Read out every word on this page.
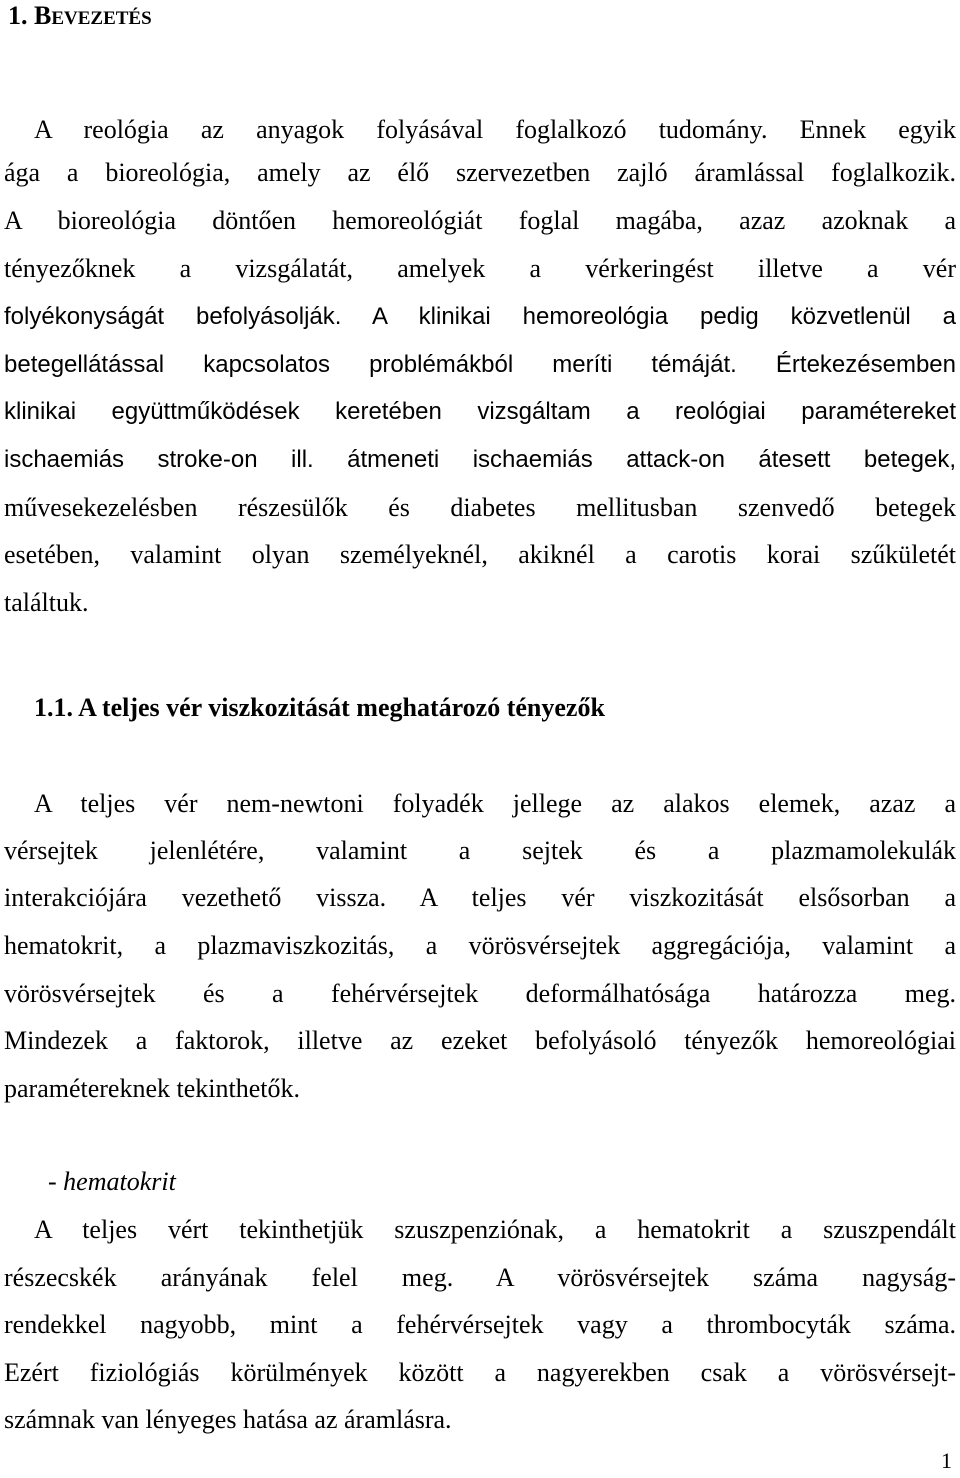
1. BEVEZETÉS
A reológia az anyagok folyásával foglalkozó tudomány. Ennek egyik
ága a bioreológia, amely az élő szervezetben zajló áramlással foglalkozik.
A bioreológia döntően hemoreológiát foglal magába, azaz azoknak a
tényezőknek a vizsgálatát, amelyek a vérkeringést illetve a vér
folyékonyságát befolyásolják. A klinikai hemoreológia pedig közvetlenül a
betegellátással kapcsolatos problémákból meríti témáját. Értekezésemben
klinikai együttműködések keretében vizsgáltam a reológiai paramétereket
ischaemiás stroke-on ill. átmeneti ischaemiás attack-on átesett betegek,
művesekezelésben részesülők és diabetes mellitusban szenvedő betegek
esetében, valamint olyan személyeknél, akiknél a carotis korai szűkületét
találtuk.
1.1. A teljes vér viszkozitását meghatározó tényezők
A teljes vér nem-newtoni folyadék jellege az alakos elemek, azaz a
vérsejtek jelenlétére, valamint a sejtek és a plazmamolekulák
interakciójára vezethető vissza. A teljes vér viszkozitását elsősorban a
hematokrit, a plazmaviszkozitás, a vörösvérsejtek aggregációja, valamint a
vörösvérsejtek és a fehérvérsejtek deformálhatósága határozza meg.
Mindezek a faktorok, illetve az ezeket befolyásoló tényezők hemoreológiai
paramétereknek tekinthetők.
- hematokrit
A teljes vért tekinthetjük szuszpenziónak, a hematokrit a szuszpendált
részecskék arányának felel meg. A vörösvérsejtek száma nagyság-
rendekkel nagyobb, mint a fehérvérsejtek vagy a thrombocyták száma.
Ezért fiziológiás körülmények között a nagyerekben csak a vörösvérsejt-
számnak van lényeges hatása az áramlásra.
1
